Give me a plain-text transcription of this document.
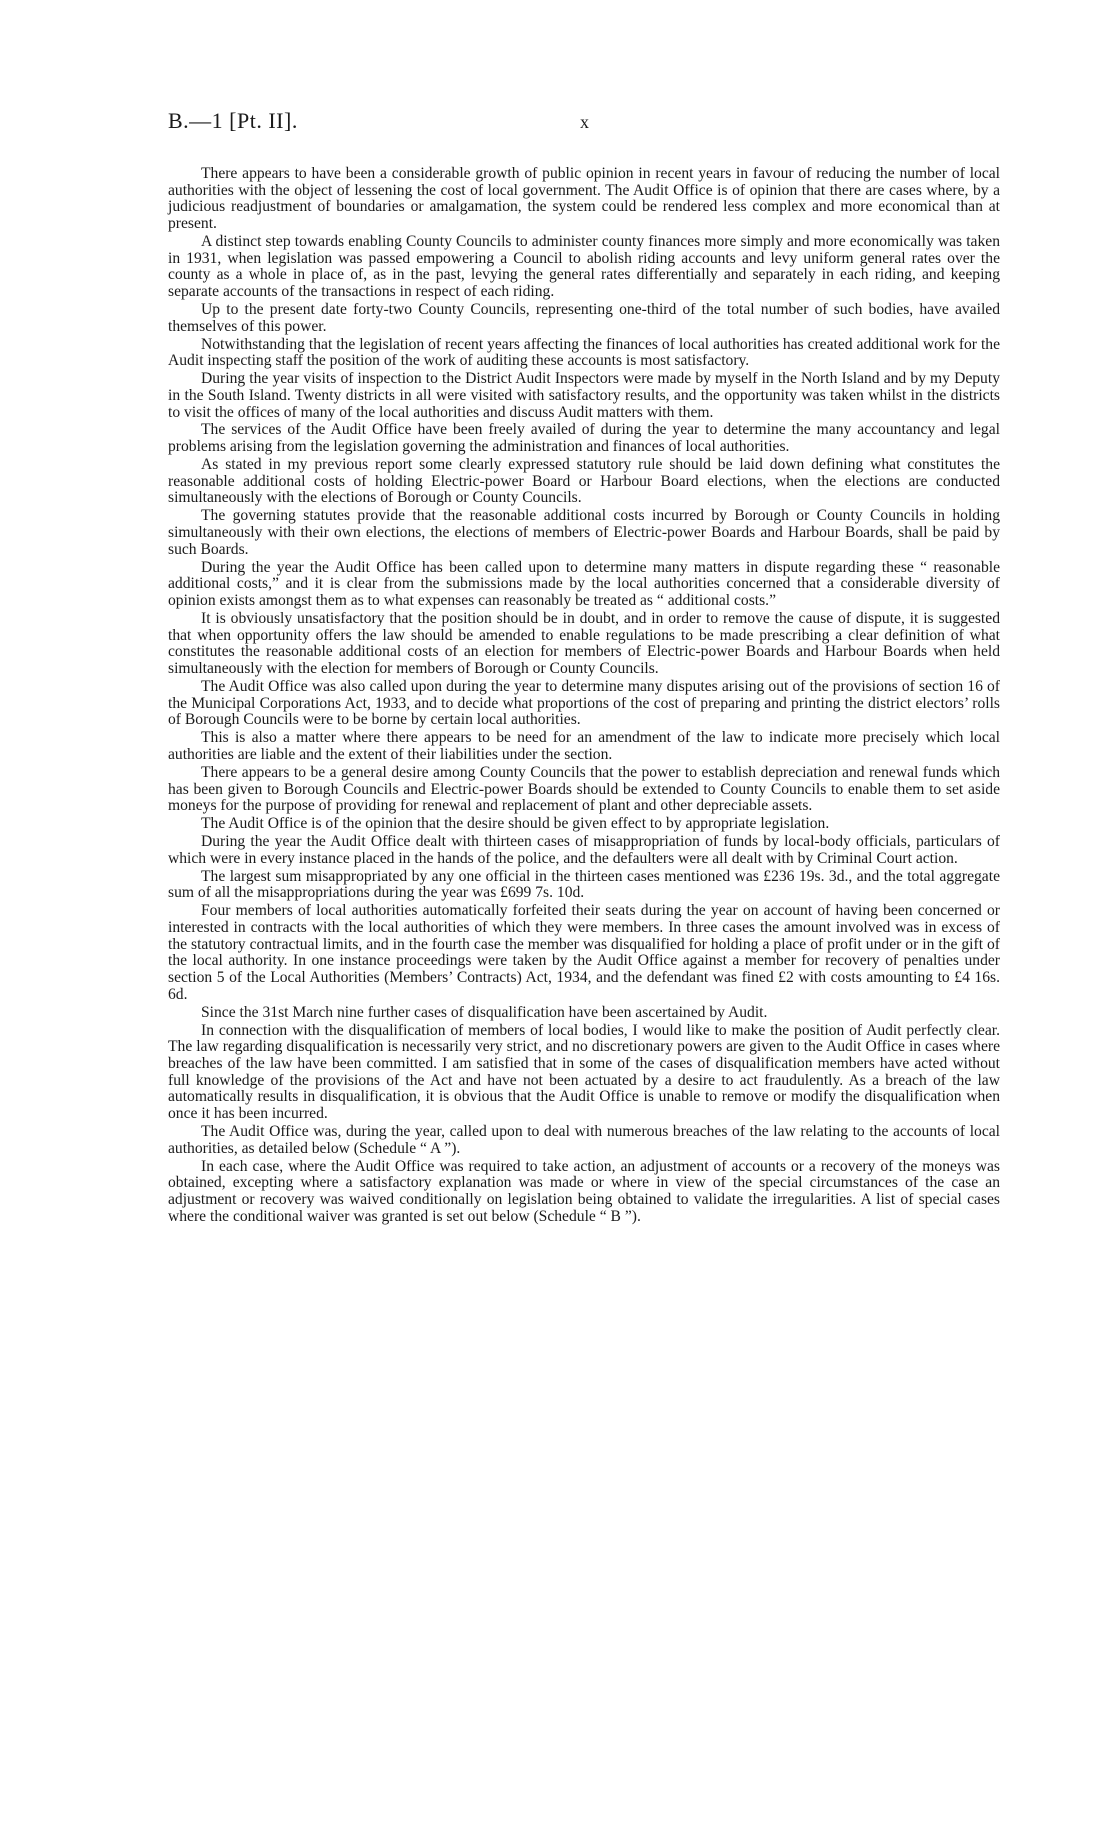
B.—1 [Pt. II].	x

There appears to have been a considerable growth of public opinion in recent years in favour of reducing the number of local authorities with the object of lessening the cost of local government. The Audit Office is of opinion that there are cases where, by a judicious readjustment of boundaries or amalgamation, the system could be rendered less complex and more economical than at present.

A distinct step towards enabling County Councils to administer county finances more simply and more economically was taken in 1931, when legislation was passed empowering a Council to abolish riding accounts and levy uniform general rates over the county as a whole in place of, as in the past, levying the general rates differentially and separately in each riding, and keeping separate accounts of the transactions in respect of each riding.

Up to the present date forty-two County Councils, representing one-third of the total number of such bodies, have availed themselves of this power.

Notwithstanding that the legislation of recent years affecting the finances of local authorities has created additional work for the Audit inspecting staff the position of the work of auditing these accounts is most satisfactory.

During the year visits of inspection to the District Audit Inspectors were made by myself in the North Island and by my Deputy in the South Island. Twenty districts in all were visited with satisfactory results, and the opportunity was taken whilst in the districts to visit the offices of many of the local authorities and discuss Audit matters with them.

The services of the Audit Office have been freely availed of during the year to determine the many accountancy and legal problems arising from the legislation governing the administration and finances of local authorities.

As stated in my previous report some clearly expressed statutory rule should be laid down defining what constitutes the reasonable additional costs of holding Electric-power Board or Harbour Board elections, when the elections are conducted simultaneously with the elections of Borough or County Councils.

The governing statutes provide that the reasonable additional costs incurred by Borough or County Councils in holding simultaneously with their own elections, the elections of members of Electric-power Boards and Harbour Boards, shall be paid by such Boards.

During the year the Audit Office has been called upon to determine many matters in dispute regarding these “ reasonable additional costs,” and it is clear from the submissions made by the local authorities concerned that a considerable diversity of opinion exists amongst them as to what expenses can reasonably be treated as “ additional costs.”

It is obviously unsatisfactory that the position should be in doubt, and in order to remove the cause of dispute, it is suggested that when opportunity offers the law should be amended to enable regulations to be made prescribing a clear definition of what constitutes the reasonable additional costs of an election for members of Electric-power Boards and Harbour Boards when held simultaneously with the election for members of Borough or County Councils.

The Audit Office was also called upon during the year to determine many disputes arising out of the provisions of section 16 of the Municipal Corporations Act, 1933, and to decide what proportions of the cost of preparing and printing the district electors’ rolls of Borough Councils were to be borne by certain local authorities.

This is also a matter where there appears to be need for an amendment of the law to indicate more precisely which local authorities are liable and the extent of their liabilities under the section.

There appears to be a general desire among County Councils that the power to establish depreciation and renewal funds which has been given to Borough Councils and Electric-power Boards should be extended to County Councils to enable them to set aside moneys for the purpose of providing for renewal and replacement of plant and other depreciable assets.

The Audit Office is of the opinion that the desire should be given effect to by appropriate legislation.

During the year the Audit Office dealt with thirteen cases of misappropriation of funds by local-body officials, particulars of which were in every instance placed in the hands of the police, and the defaulters were all dealt with by Criminal Court action.

The largest sum misappropriated by any one official in the thirteen cases mentioned was £236 19s. 3d., and the total aggregate sum of all the misappropriations during the year was £699 7s. 10d.

Four members of local authorities automatically forfeited their seats during the year on account of having been concerned or interested in contracts with the local authorities of which they were members. In three cases the amount involved was in excess of the statutory contractual limits, and in the fourth case the member was disqualified for holding a place of profit under or in the gift of the local authority. In one instance proceedings were taken by the Audit Office against a member for recovery of penalties under section 5 of the Local Authorities (Members’ Contracts) Act, 1934, and the defendant was fined £2 with costs amounting to £4 16s. 6d.

Since the 31st March nine further cases of disqualification have been ascertained by Audit.

In connection with the disqualification of members of local bodies, I would like to make the position of Audit perfectly clear. The law regarding disqualification is necessarily very strict, and no discretionary powers are given to the Audit Office in cases where breaches of the law have been committed. I am satisfied that in some of the cases of disqualification members have acted without full knowledge of the provisions of the Act and have not been actuated by a desire to act fraudulently. As a breach of the law automatically results in disqualification, it is obvious that the Audit Office is unable to remove or modify the disqualification when once it has been incurred.

The Audit Office was, during the year, called upon to deal with numerous breaches of the law relating to the accounts of local authorities, as detailed below (Schedule “ A ”).

In each case, where the Audit Office was required to take action, an adjustment of accounts or a recovery of the moneys was obtained, excepting where a satisfactory explanation was made or where in view of the special circumstances of the case an adjustment or recovery was waived conditionally on legislation being obtained to validate the irregularities. A list of special cases where the conditional waiver was granted is set out below (Schedule “ B ”).
